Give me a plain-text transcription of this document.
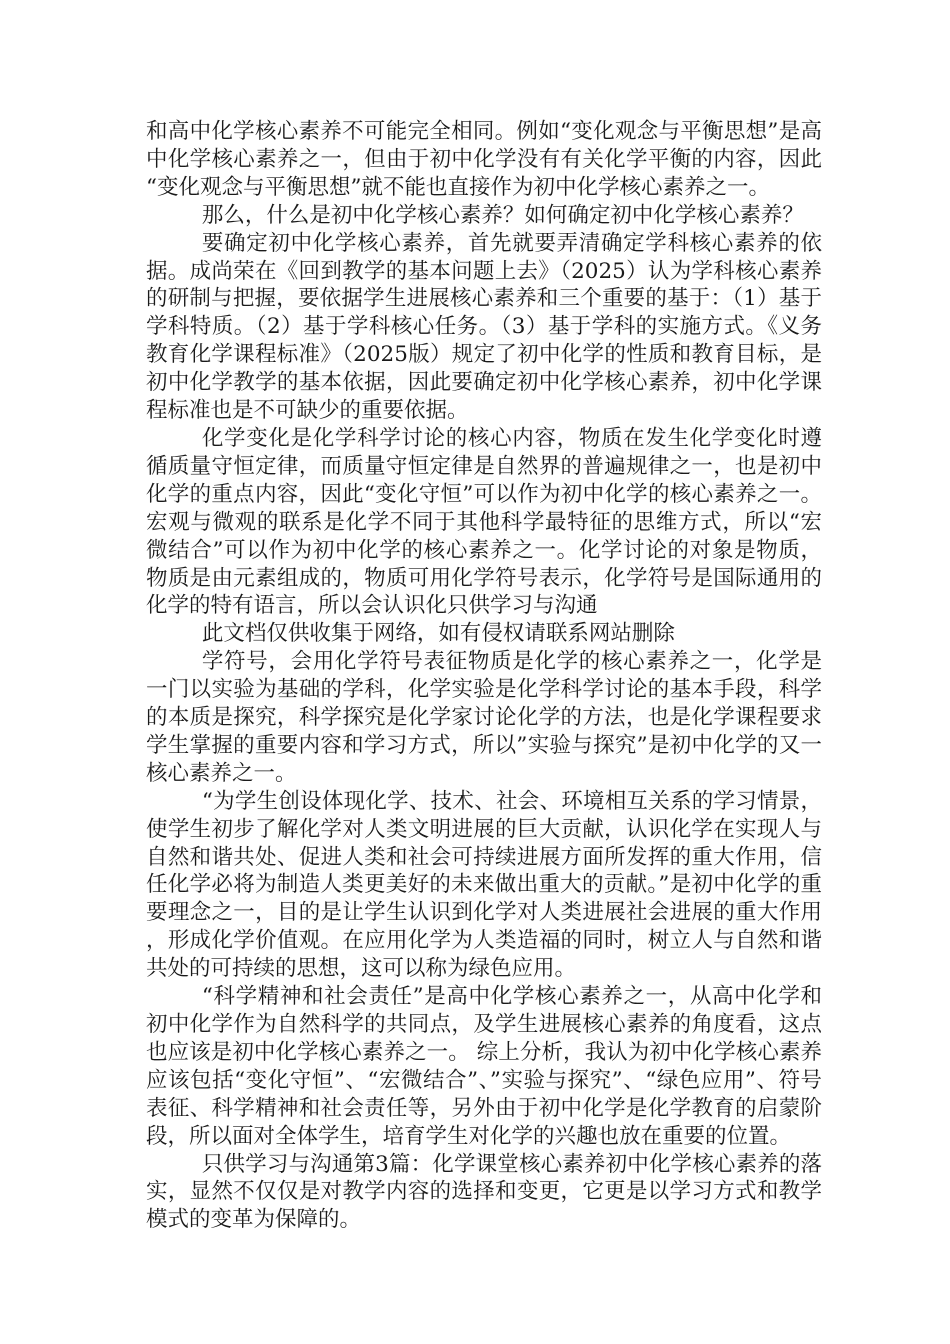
和高中化学核心素养不可能完全相同。例如“变化观念与平衡思想”是高中化学核心素养之一，但由于初中化学没有有关化学平衡的内容，因此“变化观念与平衡思想”就不能也直接作为初中化学核心素养之一。

那么，什么是初中化学核心素养？如何确定初中化学核心素养？

要确定初中化学核心素养，首先就要弄清确定学科核心素养的依据。成尚荣在《回到教学的基本问题上去》（2025）认为学科核心素养的研制与把握，要依据学生进展核心素养和三个重要的基于：（1）基于学科特质。（2）基于学科核心任务。（3）基于学科的实施方式。《义务教育化学课程标准》（2025版）规定了初中化学的性质和教育目标，是初中化学教学的基本依据，因此要确定初中化学核心素养，初中化学课程标准也是不可缺少的重要依据。

化学变化是化学科学讨论的核心内容，物质在发生化学变化时遵循质量守恒定律，而质量守恒定律是自然界的普遍规律之一，也是初中化学的重点内容，因此“变化守恒”可以作为初中化学的核心素养之一。宏观与微观的联系是化学不同于其他科学最特征的思维方式，所以“宏微结合”可以作为初中化学的核心素养之一。化学讨论的对象是物质，物质是由元素组成的，物质可用化学符号表示，化学符号是国际通用的化学的特有语言，所以会认识化只供学习与沟通

此文档仅供收集于网络，如有侵权请联系网站删除

学符号，会用化学符号表征物质是化学的核心素养之一，化学是一门以实验为基础的学科，化学实验是化学科学讨论的基本手段，科学的本质是探究，科学探究是化学家讨论化学的方法，也是化学课程要求学生掌握的重要内容和学习方式，所以”实验与探究”是初中化学的又一核心素养之一。

“为学生创设体现化学、技术、社会、环境相互关系的学习情景，使学生初步了解化学对人类文明进展的巨大贡献，认识化学在实现人与自然和谐共处、促进人类和社会可持续进展方面所发挥的重大作用，信任化学必将为制造人类更美好的未来做出重大的贡献。”是初中化学的重要理念之一，目的是让学生认识到化学对人类进展社会进展的重大作用，形成化学价值观。在应用化学为人类造福的同时，树立人与自然和谐共处的可持续的思想，这可以称为绿色应用。

“科学精神和社会责任”是高中化学核心素养之一，从高中化学和初中化学作为自然科学的共同点，及学生进展核心素养的角度看，这点也应该是初中化学核心素养之一。 综上分析，我认为初中化学核心素养应该包括“变化守恒”、“宏微结合”、”实验与探究”、“绿色应用”、符号表征、科学精神和社会责任等，另外由于初中化学是化学教育的启蒙阶段，所以面对全体学生，培育学生对化学的兴趣也放在重要的位置。

只供学习与沟通第3篇：化学课堂核心素养初中化学核心素养的落实，显然不仅仅是对教学内容的选择和变更，它更是以学习方式和教学模式的变革为保障的。
